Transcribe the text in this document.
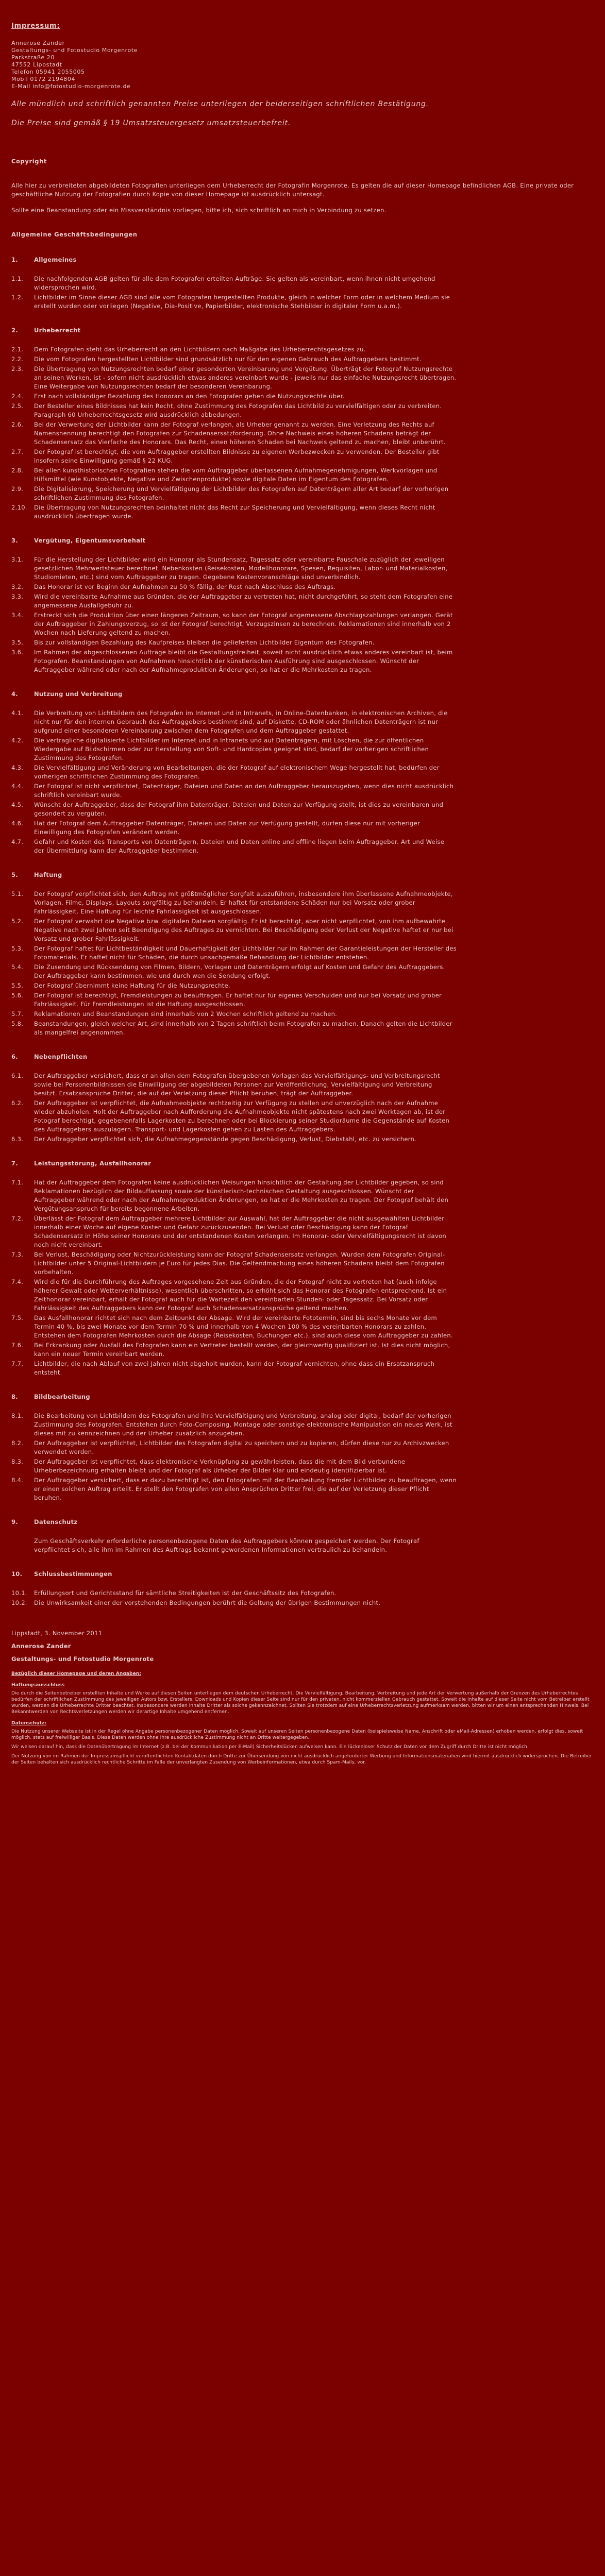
Impressum:

Annerose Zander

Gestaltungs- und Fotostudio Morgenrote

Parkstraße 20

47552 Lippstadt

Telefon 05941 2055005

Mobil 0172 2194804

E-Mail info@fotostudio-morgenrote.de

Alle mündlich und schriftlich genannten Preise unterliegen der beiderseitigen schriftlichen Bestätigung.

Die Preise sind gemäß § 19 Umsatzsteuergesetz umsatzsteuerbefreit.

Copyright

Alle hier zu verbreiteten abgebildeten Fotografien unterliegen dem Urheberrecht der Fotografin Morgenrote. Es gelten die auf dieser Homepage befindlichen AGB. Eine private oder geschäftliche Nutzung der Fotografien durch Kopie von dieser Homepage ist ausdrücklich untersagt.

Sollte eine Beanstandung oder ein Missverständnis vorliegen, bitte ich, sich schriftlich an mich in Verbindung zu setzen.

Allgemeine Geschäftsbedingungen
1.	Allgemeines
1.1.	Die nachfolgenden AGB gelten für alle dem Fotografen erteilten Aufträge. Sie gelten als vereinbart, wenn ihnen nicht umgehend widersprochen wird.
1.2.	Lichtbilder im Sinne dieser AGB sind alle vom Fotografen hergestellten Produkte, gleich in welcher Form oder in welchem Medium sie erstellt wurden oder vorliegen (Negative, Dia-Positive, Papierbilder, elektronische Stehbilder in digitaler Form u.a.m.).
2.	Urheberrecht
2.1.	Dem Fotografen steht das Urheberrecht an den Lichtbildern nach Maßgabe des Urheberrechtsgesetzes zu.
2.2.	Die vom Fotografen hergestellten Lichtbilder sind grundsätzlich nur für den eigenen Gebrauch des Auftraggebers bestimmt.
2.3.	Die Übertragung von Nutzungsrechten bedarf einer gesonderten Vereinbarung und Vergütung. Überträgt der Fotograf Nutzungsrechte an seinen Werken, ist - sofern nicht ausdrücklich etwas anderes vereinbart wurde - jeweils nur das einfache Nutzungsrecht übertragen. Eine Weitergabe von Nutzungsrechten bedarf der besonderen Vereinbarung.
2.4.	Erst nach vollständiger Bezahlung des Honorars an den Fotografen gehen die Nutzungsrechte über.
2.5.	Der Besteller eines Bildnisses hat kein Recht, ohne Zustimmung des Fotografen das Lichtbild zu vervielfältigen oder zu verbreiten. Paragraph 60 Urheberrechtsgesetz wird ausdrücklich abbedungen.
2.6.	Bei der Verwertung der Lichtbilder kann der Fotograf verlangen, als Urheber genannt zu werden. Eine Verletzung des Rechts auf Namensnennung berechtigt den Fotografen zur Schadensersatzforderung. Ohne Nachweis eines höheren Schadens beträgt der Schadensersatz das Vierfache des Honorars. Das Recht, einen höheren Schaden bei Nachweis geltend zu machen, bleibt unberührt.
2.7.	Der Fotograf ist berechtigt, die vom Auftraggeber erstellten Bildnisse zu eigenen Werbezwecken zu verwenden. Der Besteller gibt insofern seine Einwilligung gemäß § 22 KUG.
2.8.	Bei allen kunsthistorischen Fotografien stehen die vom Auftraggeber überlassenen Aufnahmegenehmigungen, Werkvorlagen und Hilfsmittel (wie Kunstobjekte, Negative und Zwischenprodukte) sowie digitale Daten im Eigentum des Fotografen.
2.9.	Die Digitalisierung, Speicherung und Vervielfältigung der Lichtbilder des Fotografen auf Datenträgern aller Art bedarf der vorherigen schriftlichen Zustimmung des Fotografen.
2.10.	Die Übertragung von Nutzungsrechten beinhaltet nicht das Recht zur Speicherung und Vervielfältigung, wenn dieses Recht nicht ausdrücklich übertragen wurde.
3.	Vergütung, Eigentumsvorbehalt
3.1.	Für die Herstellung der Lichtbilder wird ein Honorar als Stundensatz, Tagessatz oder vereinbarte Pauschale zuzüglich der jeweiligen gesetzlichen Mehrwertsteuer berechnet. Nebenkosten (Reisekosten, Modellhonorare, Spesen, Requisiten, Labor- und Materialkosten, Studiomieten, etc.) sind vom Auftraggeber zu tragen. Gegebene Kostenvoranschläge sind unverbindlich.
3.2.	Das Honorar ist vor Beginn der Aufnahmen zu 50 % fällig, der Rest nach Abschluss des Auftrags.
3.3.	Wird die vereinbarte Aufnahme aus Gründen, die der Auftraggeber zu vertreten hat, nicht durchgeführt, so steht dem Fotografen eine angemessene Ausfallgebühr zu.
3.4.	Erstreckt sich die Produktion über einen längeren Zeitraum, so kann der Fotograf angemessene Abschlagszahlungen verlangen. Gerät der Auftraggeber in Zahlungsverzug, so ist der Fotograf berechtigt, Verzugszinsen zu berechnen. Reklamationen sind innerhalb von 2 Wochen nach Lieferung geltend zu machen.
3.5.	Bis zur vollständigen Bezahlung des Kaufpreises bleiben die gelieferten Lichtbilder Eigentum des Fotografen.
3.6.	Im Rahmen der abgeschlossenen Aufträge bleibt die Gestaltungsfreiheit, soweit nicht ausdrücklich etwas anderes vereinbart ist, beim Fotografen. Beanstandungen von Aufnahmen hinsichtlich der künstlerischen Ausführung sind ausgeschlossen. Wünscht der Auftraggeber während oder nach der Aufnahmeproduktion Änderungen, so hat er die Mehrkosten zu tragen.
4.	Nutzung und Verbreitung
4.1.	Die Verbreitung von Lichtbildern des Fotografen im Internet und in Intranets, in Online-Datenbanken, in elektronischen Archiven, die nicht nur für den internen Gebrauch des Auftraggebers bestimmt sind, auf Diskette, CD-ROM oder ähnlichen Datenträgern ist nur aufgrund einer besonderen Vereinbarung zwischen dem Fotografen und dem Auftraggeber gestattet.
4.2.	Die vertragliche digitalisierte Lichtbilder im Internet und in Intranets und auf Datenträgern, mit Löschen, die zur öffentlichen Wiedergabe auf Bildschirmen oder zur Herstellung von Soft- und Hardcopies geeignet sind, bedarf der vorherigen schriftlichen Zustimmung des Fotografen.
4.3.	Die Vervielfältigung und Veränderung von Bearbeitungen, die der Fotograf auf elektronischem Wege hergestellt hat, bedürfen der vorherigen schriftlichen Zustimmung des Fotografen.
4.4.	Der Fotograf ist nicht verpflichtet, Datenträger, Dateien und Daten an den Auftraggeber herauszugeben, wenn dies nicht ausdrücklich schriftlich vereinbart wurde.
4.5.	Wünscht der Auftraggeber, dass der Fotograf ihm Datenträger, Dateien und Daten zur Verfügung stellt, ist dies zu vereinbaren und gesondert zu vergüten.
4.6.	Hat der Fotograf dem Auftraggeber Datenträger, Dateien und Daten zur Verfügung gestellt, dürfen diese nur mit vorheriger Einwilligung des Fotografen verändert werden.
4.7.	Gefahr und Kosten des Transports von Datenträgern, Dateien und Daten online und offline liegen beim Auftraggeber. Art und Weise der Übermittlung kann der Auftraggeber bestimmen.
5.	Haftung
5.1.	Der Fotograf verpflichtet sich, den Auftrag mit größtmöglicher Sorgfalt auszuführen, insbesondere ihm überlassene Aufnahmeobjekte, Vorlagen, Filme, Displays, Layouts sorgfältig zu behandeln. Er haftet für entstandene Schäden nur bei Vorsatz oder grober Fahrlässigkeit. Eine Haftung für leichte Fahrlässigkeit ist ausgeschlossen.
5.2.	Der Fotograf verwahrt die Negative bzw. digitalen Dateien sorgfältig. Er ist berechtigt, aber nicht verpflichtet, von ihm aufbewahrte Negative nach zwei Jahren seit Beendigung des Auftrages zu vernichten. Bei Beschädigung oder Verlust der Negative haftet er nur bei Vorsatz und grober Fahrlässigkeit.
5.3.	Der Fotograf haftet für Lichtbeständigkeit und Dauerhaftigkeit der Lichtbilder nur im Rahmen der Garantieleistungen der Hersteller des Fotomaterials. Er haftet nicht für Schäden, die durch unsachgemäße Behandlung der Lichtbilder entstehen.
5.4.	Die Zusendung und Rücksendung von Filmen, Bildern, Vorlagen und Datenträgern erfolgt auf Kosten und Gefahr des Auftraggebers. Der Auftraggeber kann bestimmen, wie und durch wen die Sendung erfolgt.
5.5.	Der Fotograf übernimmt keine Haftung für die Nutzungsrechte.
5.6.	Der Fotograf ist berechtigt, Fremdleistungen zu beauftragen. Er haftet nur für eigenes Verschulden und nur bei Vorsatz und grober Fahrlässigkeit. Für Fremdleistungen ist die Haftung ausgeschlossen.
5.7.	Reklamationen und Beanstandungen sind innerhalb von 2 Wochen schriftlich geltend zu machen.
5.8.	Beanstandungen, gleich welcher Art, sind innerhalb von 2 Tagen schriftlich beim Fotografen zu machen. Danach gelten die Lichtbilder als mangelfrei angenommen.
6.	Nebenpflichten
6.1.	Der Auftraggeber versichert, dass er an allen dem Fotografen übergebenen Vorlagen das Vervielfältigungs- und Verbreitungsrecht sowie bei Personenbildnissen die Einwilligung der abgebildeten Personen zur Veröffentlichung, Vervielfältigung und Verbreitung besitzt. Ersatzansprüche Dritter, die auf der Verletzung dieser Pflicht beruhen, trägt der Auftraggeber.
6.2.	Der Auftraggeber ist verpflichtet, die Aufnahmeobjekte rechtzeitig zur Verfügung zu stellen und unverzüglich nach der Aufnahme wieder abzuholen. Holt der Auftraggeber nach Aufforderung die Aufnahmeobjekte nicht spätestens nach zwei Werktagen ab, ist der Fotograf berechtigt, gegebenenfalls Lagerkosten zu berechnen oder bei Blockierung seiner Studioräume die Gegenstände auf Kosten des Auftraggebers auszulagern. Transport- und Lagerkosten gehen zu Lasten des Auftraggebers.
6.3.	Der Auftraggeber verpflichtet sich, die Aufnahmegegenstände gegen Beschädigung, Verlust, Diebstahl, etc. zu versichern.
7.	Leistungsstörung, Ausfallhonorar
7.1.	Hat der Auftraggeber dem Fotografen keine ausdrücklichen Weisungen hinsichtlich der Gestaltung der Lichtbilder gegeben, so sind Reklamationen bezüglich der Bildauffassung sowie der künstlerisch-technischen Gestaltung ausgeschlossen. Wünscht der Auftraggeber während oder nach der Aufnahmeproduktion Änderungen, so hat er die Mehrkosten zu tragen. Der Fotograf behält den Vergütungsanspruch für bereits begonnene Arbeiten.
7.2.	Überlässt der Fotograf dem Auftraggeber mehrere Lichtbilder zur Auswahl, hat der Auftraggeber die nicht ausgewählten Lichtbilder innerhalb einer Woche auf eigene Kosten und Gefahr zurückzusenden. Bei Verlust oder Beschädigung kann der Fotograf Schadensersatz in Höhe seiner Honorare und der entstandenen Kosten verlangen. Im Honorar- oder Vervielfältigungsrecht ist davon noch nicht vereinbart.
7.3.	Bei Verlust, Beschädigung oder Nichtzurückleistung kann der Fotograf Schadensersatz verlangen. Wurden dem Fotografen Original-Lichtbilder unter 5 Original-Lichtbildern je Euro für jedes Dias. Die Geltendmachung eines höheren Schadens bleibt dem Fotografen vorbehalten.
7.4.	Wird die für die Durchführung des Auftrages vorgesehene Zeit aus Gründen, die der Fotograf nicht zu vertreten hat (auch infolge höherer Gewalt oder Wetterverhältnisse), wesentlich überschritten, so erhöht sich das Honorar des Fotografen entsprechend. Ist ein Zeithonorar vereinbart, erhält der Fotograf auch für die Wartezeit den vereinbarten Stunden- oder Tagessatz. Bei Vorsatz oder Fahrlässigkeit des Auftraggebers kann der Fotograf auch Schadensersatzansprüche geltend machen.
7.5.	Das Ausfallhonorar richtet sich nach dem Zeitpunkt der Absage. Wird der vereinbarte Fototermin, sind bis sechs Monate vor dem Termin 40 %, bis zwei Monate vor dem Termin 70 % und innerhalb von 4 Wochen 100 % des vereinbarten Honorars zu zahlen. Entstehen dem Fotografen Mehrkosten durch die Absage (Reisekosten, Buchungen etc.), sind auch diese vom Auftraggeber zu zahlen.
7.6.	Bei Erkrankung oder Ausfall des Fotografen kann ein Vertreter bestellt werden, der gleichwertig qualifiziert ist. Ist dies nicht möglich, kann ein neuer Termin vereinbart werden.
7.7.	Lichtbilder, die nach Ablauf von zwei Jahren nicht abgeholt wurden, kann der Fotograf vernichten, ohne dass ein Ersatzanspruch entsteht.
8.	Bildbearbeitung
8.1.	Die Bearbeitung von Lichtbildern des Fotografen und ihre Vervielfältigung und Verbreitung, analog oder digital, bedarf der vorherigen Zustimmung des Fotografen. Entstehen durch Foto-Composing, Montage oder sonstige elektronische Manipulation ein neues Werk, ist dieses mit zu kennzeichnen und der Urheber zusätzlich anzugeben.
8.2.	Der Auftraggeber ist verpflichtet, Lichtbilder des Fotografen digital zu speichern und zu kopieren, dürfen diese nur zu Archivzwecken verwendet werden.
8.3.	Der Auftraggeber ist verpflichtet, dass elektronische Verknüpfung zu gewährleisten, dass die mit dem Bild verbundene Urheberbezeichnung erhalten bleibt und der Fotograf als Urheber der Bilder klar und eindeutig identifizierbar ist.
8.4.	Der Auftraggeber versichert, dass er dazu berechtigt ist, den Fotografen mit der Bearbeitung fremder Lichtbilder zu beauftragen, wenn er einen solchen Auftrag erteilt. Er stellt den Fotografen von allen Ansprüchen Dritter frei, die auf der Verletzung dieser Pflicht beruhen.
9.	Datenschutz
Zum Geschäftsverkehr erforderliche personenbezogene Daten des Auftraggebers können gespeichert werden. Der Fotograf verpflichtet sich, alle ihm im Rahmen des Auftrags bekannt gewordenen Informationen vertraulich zu behandeln.
10.	Schlussbestimmungen
10.1.	Erfüllungsort und Gerichtsstand für sämtliche Streitigkeiten ist der Geschäftssitz des Fotografen.
10.2.	Die Unwirksamkeit einer der vorstehenden Bedingungen berührt die Geltung der übrigen Bestimmungen nicht.

Lippstadt, 3. November 2011

Annerose Zander

Gestaltungs- und Fotostudio Morgenrote

Bezüglich dieser Homepage und deren Angaben:
Haftungsausschluss

Die durch die Seitenbetreiber erstellten Inhalte und Werke auf diesen Seiten unterliegen dem deutschen Urheberrecht. Die Vervielfältigung, Bearbeitung, Verbreitung und jede Art der Verwertung außerhalb der Grenzen des Urheberrechtes bedürfen der schriftlichen Zustimmung des jeweiligen Autors bzw. Erstellers. Downloads und Kopien dieser Seite sind nur für den privaten, nicht kommerziellen Gebrauch gestattet. Soweit die Inhalte auf dieser Seite nicht vom Betreiber erstellt wurden, werden die Urheberrechte Dritter beachtet. Insbesondere werden Inhalte Dritter als solche gekennzeichnet. Sollten Sie trotzdem auf eine Urheberrechtsverletzung aufmerksam werden, bitten wir um einen entsprechenden Hinweis. Bei Bekanntwerden von Rechtsverletzungen werden wir derartige Inhalte umgehend entfernen.

Datenschutz:

Die Nutzung unserer Webseite ist in der Regel ohne Angabe personenbezogener Daten möglich. Soweit auf unseren Seiten personenbezogene Daten (beispielsweise Name, Anschrift oder eMail-Adressen) erhoben werden, erfolgt dies, soweit möglich, stets auf freiwilliger Basis. Diese Daten werden ohne Ihre ausdrückliche Zustimmung nicht an Dritte weitergegeben.

Wir weisen darauf hin, dass die Datenübertragung im Internet (z.B. bei der Kommunikation per E-Mail) Sicherheitslücken aufweisen kann. Ein lückenloser Schutz der Daten vor dem Zugriff durch Dritte ist nicht möglich.

Der Nutzung von im Rahmen der Impressumspflicht veröffentlichten Kontaktdaten durch Dritte zur Übersendung von nicht ausdrücklich angeforderter Werbung und Informationsmaterialien wird hiermit ausdrücklich widersprochen. Die Betreiber der Seiten behalten sich ausdrücklich rechtliche Schritte im Falle der unverlangten Zusendung von Werbeinformationen, etwa durch Spam-Mails, vor.
